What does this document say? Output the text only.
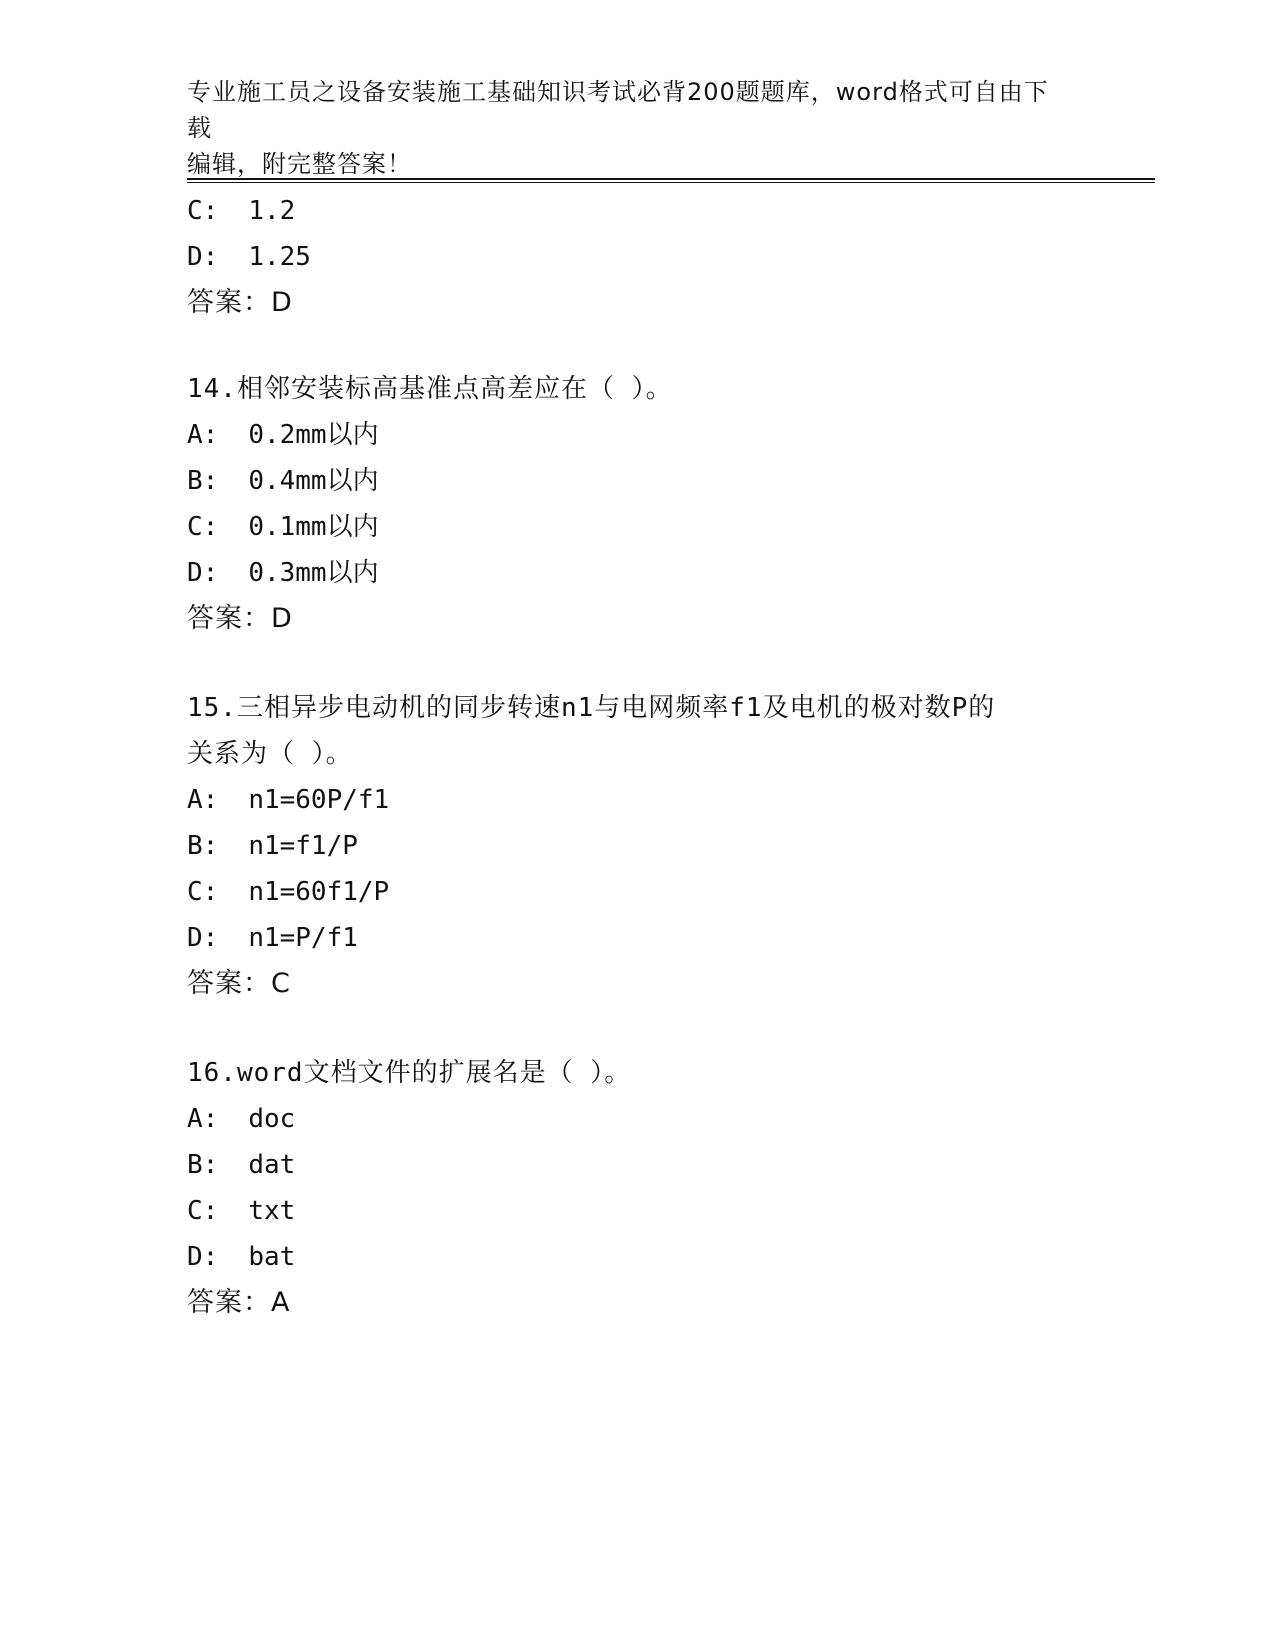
专业施工员之设备安装施工基础知识考试必背200题题库，word格式可自由下载
编辑，附完整答案！
C: 1.2
D: 1.25
答案：D
14.相邻安装标高基准点高差应在（ ）。
A: 0.2mm以内
B: 0.4mm以内
C: 0.1mm以内
D: 0.3mm以内
答案：D
15.三相异步电动机的同步转速n1与电网频率f1及电机的极对数P的
关系为（ ）。
A: n1=60P/f1
B: n1=f1/P
C: n1=60f1/P
D: n1=P/f1
答案：C
16.word文档文件的扩展名是（ ）。
A: doc
B: dat
C: txt
D: bat
答案：A
